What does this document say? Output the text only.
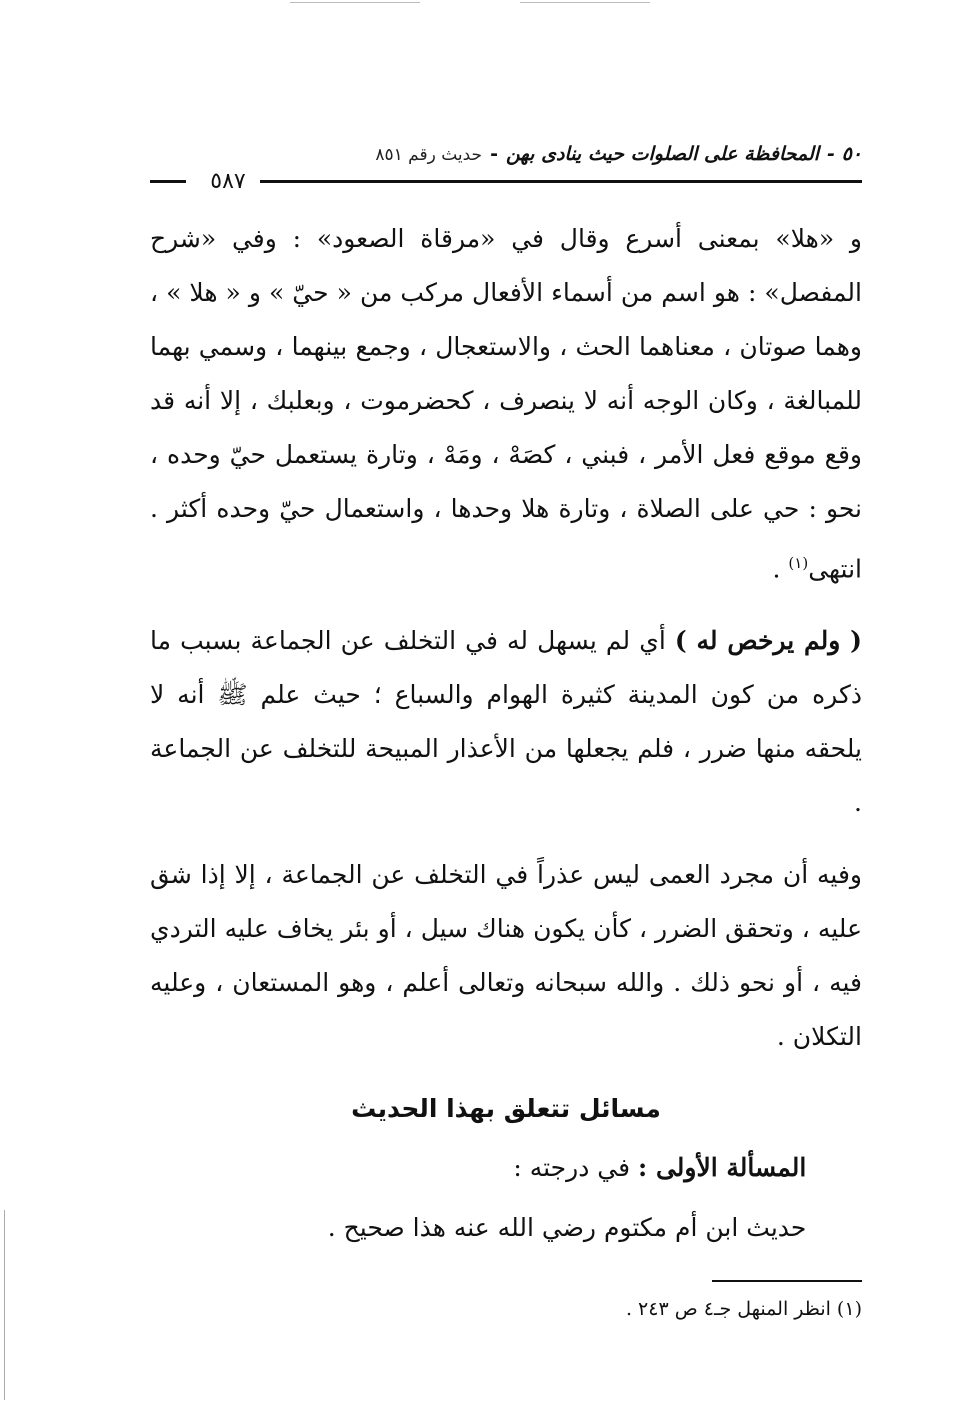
٥٠ -
المحافظة على الصلوات حيث ينادى بهن
-
حديث رقم ٨٥١
٥٨٧

و «هلا» بمعنى أسرع وقال في «مرقاة الصعود» : وفي «شرح المفصل» : هو اسم من أسماء الأفعال مركب من « حيّ » و « هلا » ، وهما صوتان ، معناهما الحث ، والاستعجال ، وجمع بينهما ، وسمي بهما للمبالغة ، وكان الوجه أنه لا ينصرف ، كحضرموت ، وبعلبك ، إلا أنه قد وقع موقع فعل الأمر ، فبني ، كصَهْ ، ومَهْ ، وتارة يستعمل حيّ وحده ، نحو : حي على الصلاة ، وتارة هلا وحدها ، واستعمال حيّ وحده أكثر . انتهى$^{(١)}$ .

( ولم يرخص له ) أي لم يسهل له في التخلف عن الجماعة بسبب ما ذكره من كون المدينة كثيرة الهوام والسباع ؛ حيث علم ﷺ أنه لا يلحقه منها ضرر ، فلم يجعلها من الأعذار المبيحة للتخلف عن الجماعة .

وفيه أن مجرد العمى ليس عذراً في التخلف عن الجماعة ، إلا إذا شق عليه ، وتحقق الضرر ، كأن يكون هناك سيل ، أو بئر يخاف عليه التردي فيه ، أو نحو ذلك . والله سبحانه وتعالى أعلم ، وهو المستعان ، وعليه التكلان .

مسائل تتعلق بهذا الحديث

المسألة الأولى : في درجته :

حديث ابن أم مكتوم رضي الله عنه هذا صحيح .

(١) انظر المنهل جـ٤ ص ٢٤٣ .
